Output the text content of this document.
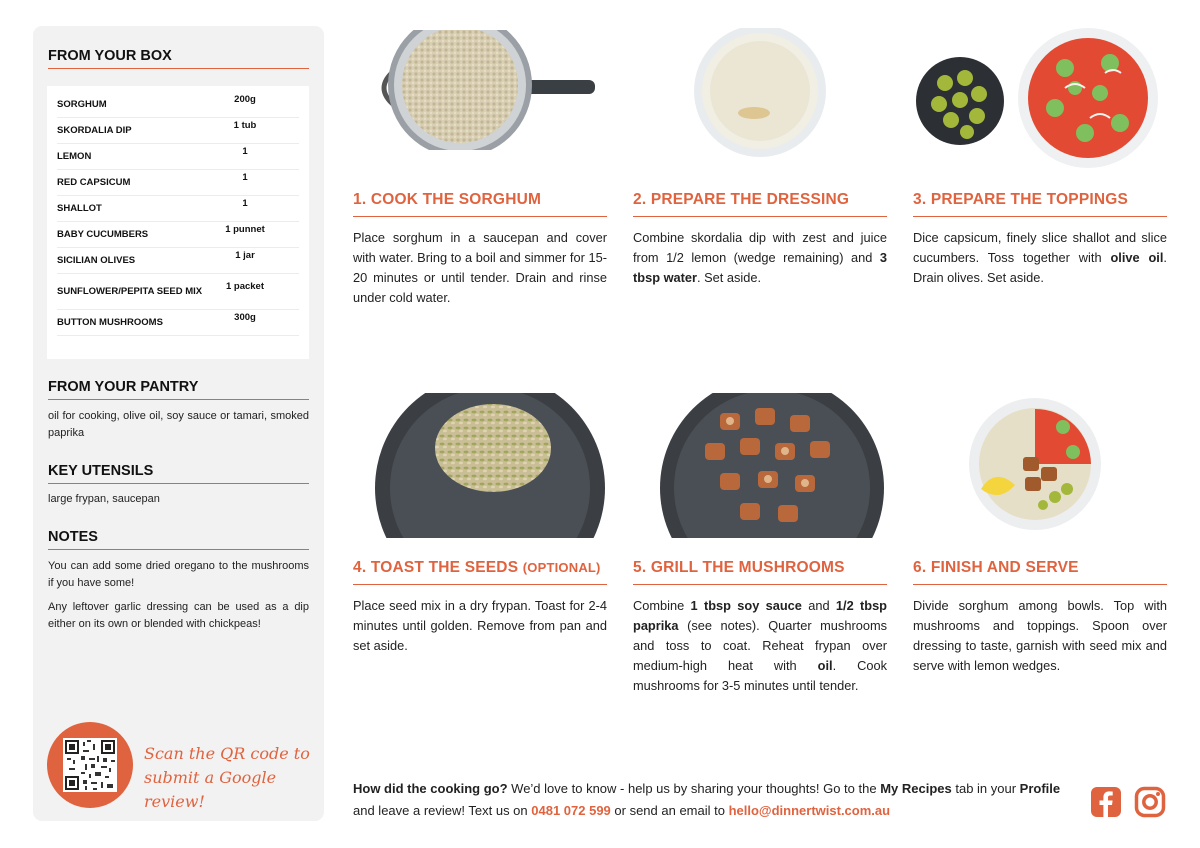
FROM YOUR BOX
SORGHUM	200g
SKORDALIA DIP	1 tub
LEMON	1
RED CAPSICUM	1
SHALLOT	1
BABY CUCUMBERS	1 punnet
SICILIAN OLIVES	1 jar
SUNFLOWER/PEPITA SEED MIX	1 packet
BUTTON MUSHROOMS	300g
FROM YOUR PANTRY
oil for cooking, olive oil, soy sauce or tamari, smoked paprika
KEY UTENSILS
large frypan, saucepan
NOTES
You can add some dried oregano to the mushrooms if you have some!
Any leftover garlic dressing can be used as a dip either on its own or blended with chickpeas!
Scan the QR code to
submit a Google review!
1. COOK THE SORGHUM
Place sorghum in a saucepan and cover with water. Bring to a boil and simmer for 15-20 minutes or until tender. Drain and rinse under cold water.
2. PREPARE THE DRESSING
Combine skordalia dip with zest and juice from 1/2 lemon (wedge remaining) and 3 tbsp water. Set aside.
3. PREPARE THE TOPPINGS
Dice capsicum, finely slice shallot and slice cucumbers. Toss together with olive oil. Drain olives. Set aside.
4. TOAST THE SEEDS (OPTIONAL)
Place seed mix in a dry frypan. Toast for 2-4 minutes until golden. Remove from pan and set aside.
5. GRILL THE MUSHROOMS
Combine 1 tbsp soy sauce and 1/2 tbsp paprika (see notes). Quarter mushrooms and toss to coat. Reheat frypan over medium-high heat with oil. Cook mushrooms for 3-5 minutes until tender.
6. FINISH AND SERVE
Divide sorghum among bowls. Top with mushrooms and toppings. Spoon over dressing to taste, garnish with seed mix and serve with lemon wedges.
How did the cooking go? We’d love to know - help us by sharing your thoughts! Go to the My Recipes tab in your Profile and leave a review! Text us on 0481 072 599 or send an email to hello@dinnertwist.com.au
